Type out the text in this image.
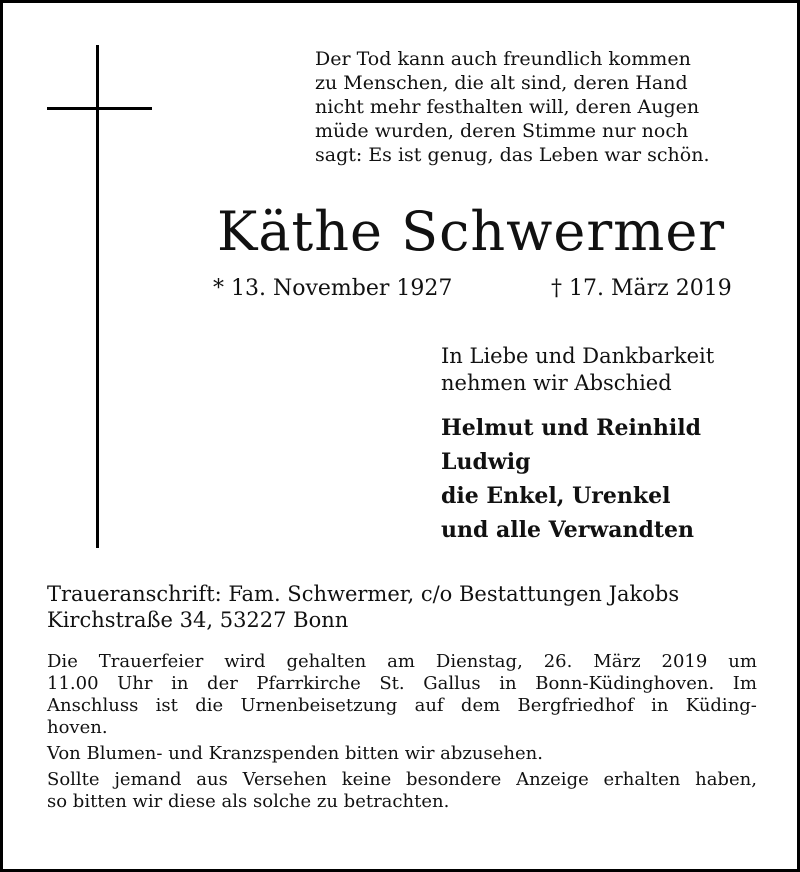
Der Tod kann auch freundlich kommen
zu Menschen, die alt sind, deren Hand
nicht mehr festhalten will, deren Augen
müde wurden, deren Stimme nur noch
sagt: Es ist genug, das Leben war schön.
Käthe Schwermer
* 13. November 1927	† 17. März 2019
In Liebe und Dankbarkeit
nehmen wir Abschied
Helmut und Reinhild
Ludwig
die Enkel, Urenkel
und alle Verwandten
Traueranschrift: Fam. Schwermer, c/o Bestattungen Jakobs
Kirchstraße 34, 53227 Bonn
Die Trauerfeier wird gehalten am Dienstag, 26. März 2019 um
11.00 Uhr in der Pfarrkirche St. Gallus in Bonn-Küdinghoven. Im
Anschluss ist die Urnenbeisetzung auf dem Bergfriedhof in Küding-
hoven.
Von Blumen- und Kranzspenden bitten wir abzusehen.
Sollte jemand aus Versehen keine besondere Anzeige erhalten haben,
so bitten wir diese als solche zu betrachten.
